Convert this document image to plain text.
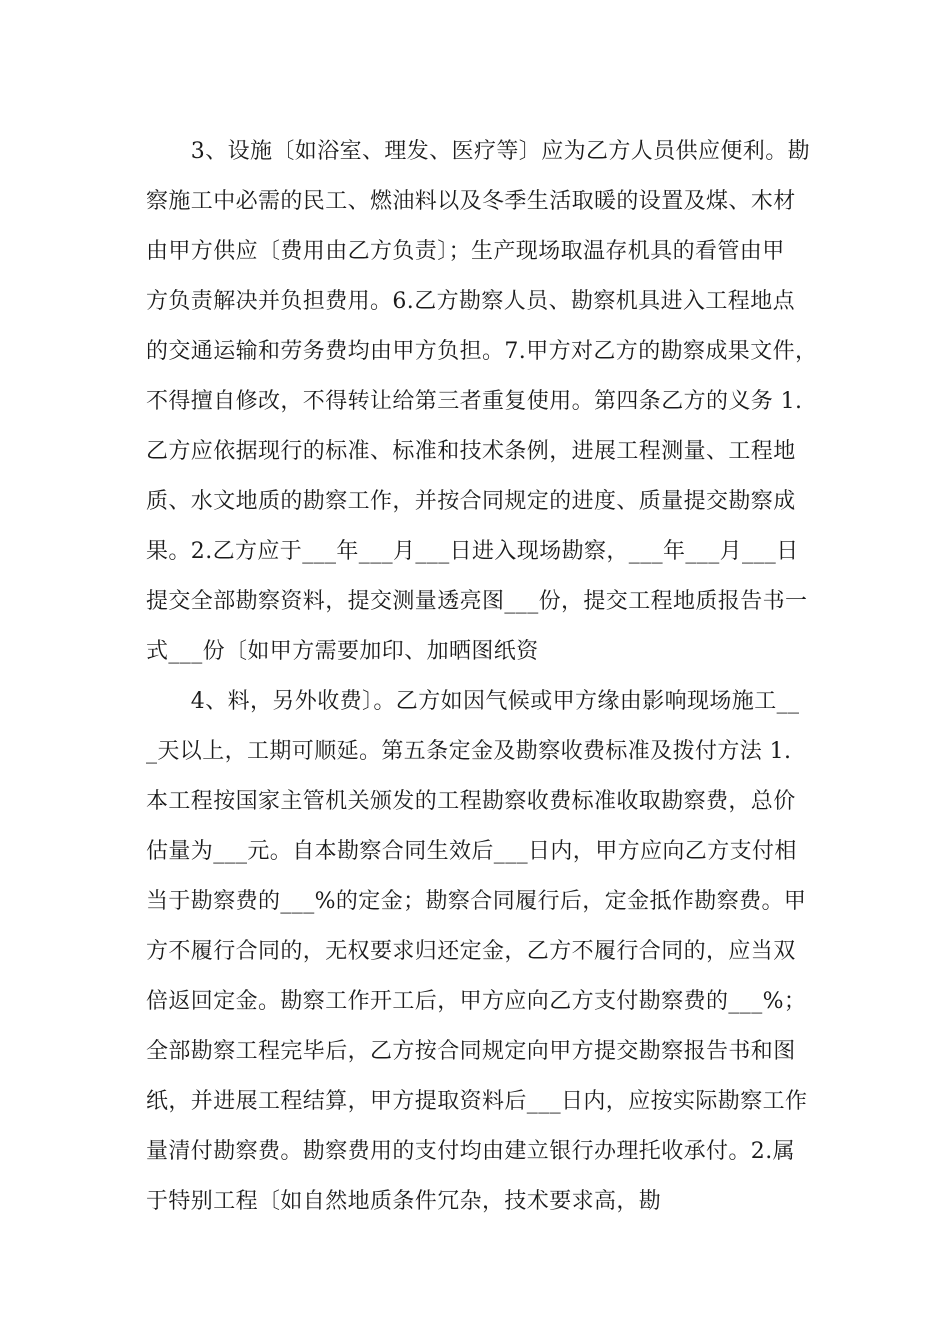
　　3、设施〔如浴室、理发、医疗等〕应为乙方人员供应便利。勘
察施工中必需的民工、燃油料以及冬季生活取暖的设置及煤、木材
由甲方供应〔费用由乙方负责〕；生产现场取温存机具的看管由甲
方负责解决并负担费用。6.乙方勘察人员、勘察机具进入工程地点
的交通运输和劳务费均由甲方负担。7.甲方对乙方的勘察成果文件，
不得擅自修改，不得转让给第三者重复使用。第四条乙方的义务 1.
乙方应依据现行的标准、标准和技术条例，进展工程测量、工程地
质、水文地质的勘察工作，并按合同规定的进度、质量提交勘察成
果。2.乙方应于___年___月___日进入现场勘察，___年___月___日
提交全部勘察资料，提交测量透亮图___份，提交工程地质报告书一
式___份〔如甲方需要加印、加晒图纸资
　　4、料，另外收费〕。乙方如因气候或甲方缘由影响现场施工__
_天以上，工期可顺延。第五条定金及勘察收费标准及拨付方法 1.
本工程按国家主管机关颁发的工程勘察收费标准收取勘察费，总价
估量为___元。自本勘察合同生效后___日内，甲方应向乙方支付相
当于勘察费的___%的定金；勘察合同履行后，定金抵作勘察费。甲
方不履行合同的，无权要求归还定金，乙方不履行合同的，应当双
倍返回定金。勘察工作开工后，甲方应向乙方支付勘察费的___%；
全部勘察工程完毕后，乙方按合同规定向甲方提交勘察报告书和图
纸，并进展工程结算，甲方提取资料后___日内，应按实际勘察工作
量清付勘察费。勘察费用的支付均由建立银行办理托收承付。2.属
于特别工程〔如自然地质条件冗杂，技术要求高，勘
